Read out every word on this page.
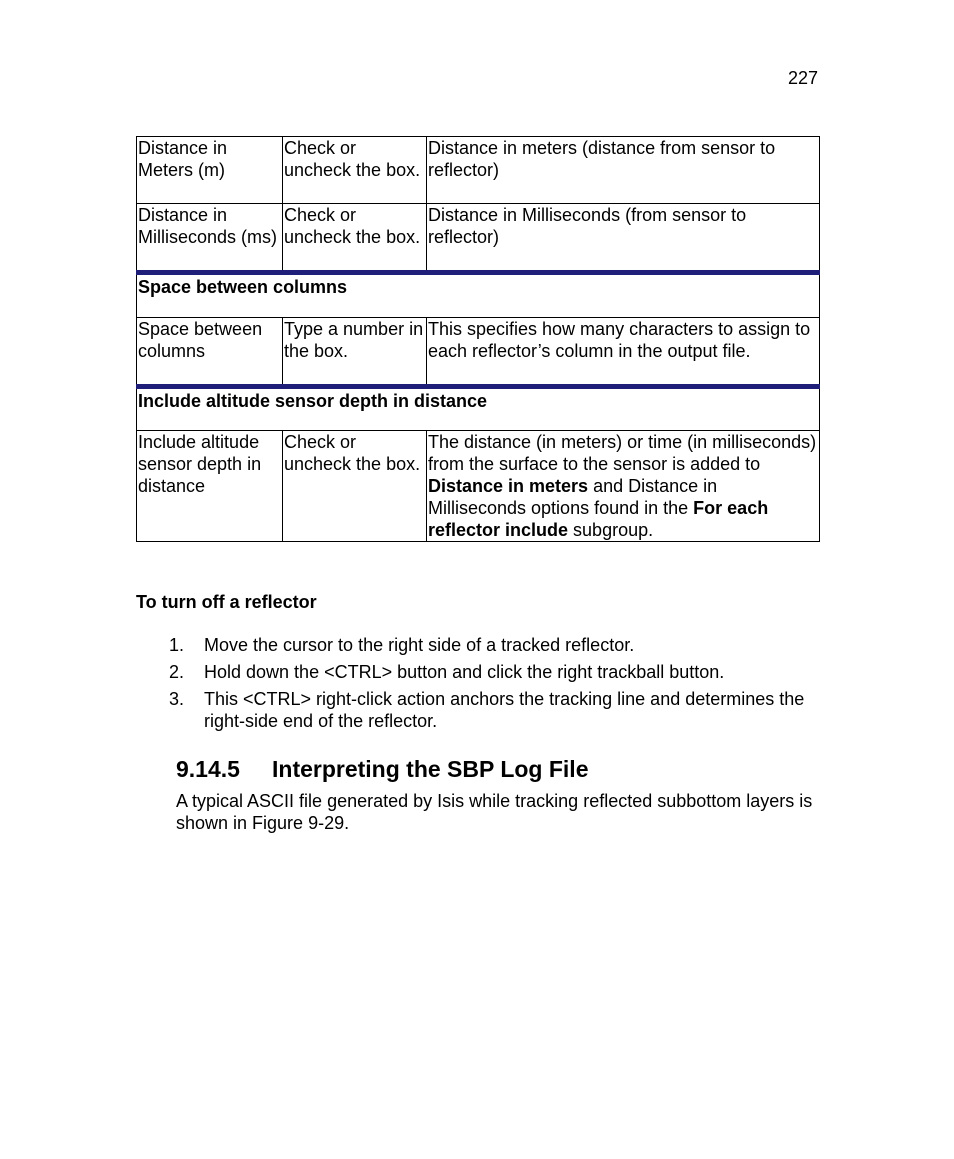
227
Distance in Meters (m)	Check or uncheck the box.	Distance in meters (distance from sensor to reflector)
Distance in Milliseconds (ms)	Check or uncheck the box.	Distance in Milliseconds (from sensor to reflector)
Space between columns		
Space between columns	Type a number in the box.	This specifies how many characters to assign to each reflector’s column in the output file.
Include altitude sensor depth in distance		
Include altitude sensor depth in distance	Check or uncheck the box.	The distance (in meters) or time (in milliseconds) from the surface to the sensor is added to Distance in meters and Distance in Milliseconds options found in the For each reflector include subgroup.
To turn off a reflector
1. Move the cursor to the right side of a tracked reflector.
2. Hold down the <CTRL> button and click the right trackball button.
3. This <CTRL> right-click action anchors the tracking line and determines the right-side end of the reflector.
9.14.5 Interpreting the SBP Log File
A typical ASCII file generated by Isis while tracking reflected subbottom layers is shown in Figure 9-29.
